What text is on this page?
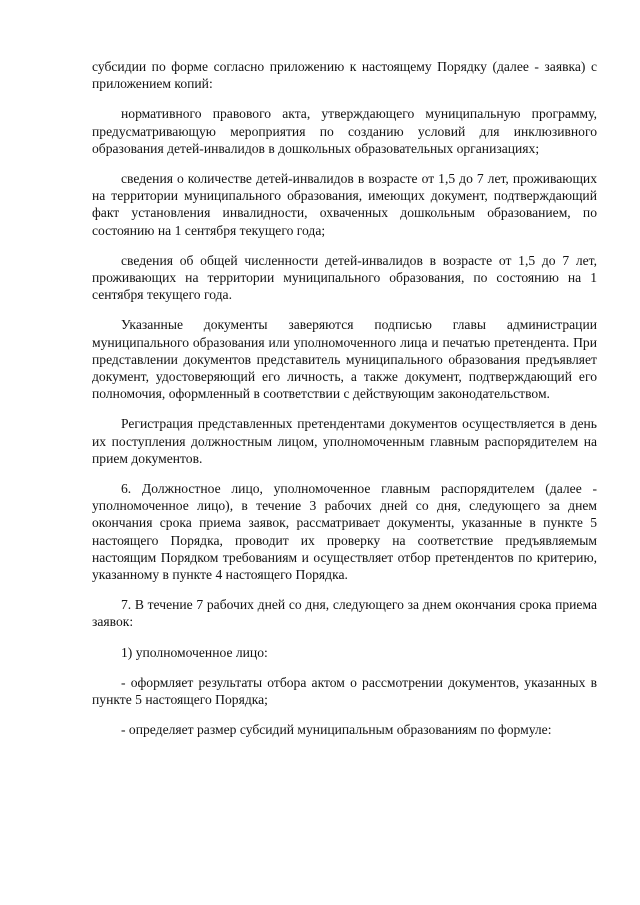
субсидии по форме согласно приложению к настоящему Порядку (далее - заявка) с приложением копий:

нормативного правового акта, утверждающего муниципальную программу, предусматривающую мероприятия по созданию условий для инклюзивного образования детей-инвалидов в дошкольных образовательных организациях;

сведения о количестве детей-инвалидов в возрасте от 1,5 до 7 лет, проживающих на территории муниципального образования, имеющих документ, подтверждающий факт установления инвалидности, охваченных дошкольным образованием, по состоянию на 1 сентября текущего года;

сведения об общей численности детей-инвалидов в возрасте от 1,5 до 7 лет, проживающих на территории муниципального образования, по состоянию на 1 сентября текущего года.

Указанные документы заверяются подписью главы администрации муниципального образования или уполномоченного лица и печатью претендента. При представлении документов представитель муниципального образования предъявляет документ, удостоверяющий его личность, а также документ, подтверждающий его полномочия, оформленный в соответствии с действующим законодательством.

Регистрация представленных претендентами документов осуществляется в день их поступления должностным лицом, уполномоченным главным распорядителем на прием документов.

6. Должностное лицо, уполномоченное главным распорядителем (далее - уполномоченное лицо), в течение 3 рабочих дней со дня, следующего за днем окончания срока приема заявок, рассматривает документы, указанные в пункте 5 настоящего Порядка, проводит их проверку на соответствие предъявляемым настоящим Порядком требованиям и осуществляет отбор претендентов по критерию, указанному в пункте 4 настоящего Порядка.

7. В течение 7 рабочих дней со дня, следующего за днем окончания срока приема заявок:

1) уполномоченное лицо:

- оформляет результаты отбора актом о рассмотрении документов, указанных в пункте 5 настоящего Порядка;

- определяет размер субсидий муниципальным образованиям по формуле:
